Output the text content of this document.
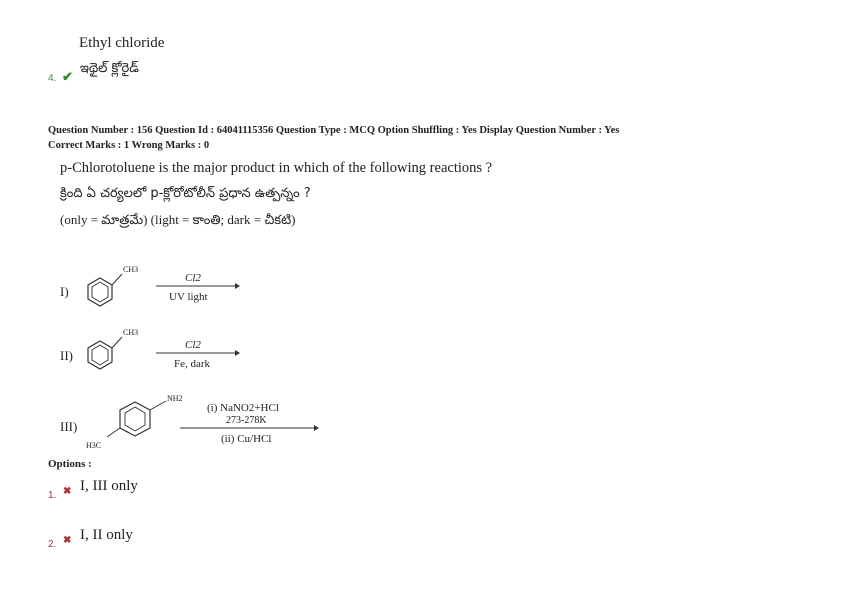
Ethyl chloride
ఇథైల్ క్లోరైడ్
4. ✔
Question Number : 156 Question Id : 64041115356 Question Type : MCQ Option Shuffling : Yes Display Question Number : Yes
Correct Marks : 1 Wrong Marks : 0
p-Chlorotoluene is the major product in which of the following reactions ?
క్రింది ఏ చర్యలలో p-క్లోరోటోలీన్ ప్రధాన ఉత్పన్నం ?
(only = మాత్రమే) (light = కాంతి; dark = చీకటి)
I)
II)
III)
CH3
Cl2
UV light
CH3
Cl2
Fe, dark
NH2
H3C
(i) NaNO2+HCl
273-278K
(ii) Cu/HCl
Options :
1. ✖ I, III only
2. ✖ I, II only
